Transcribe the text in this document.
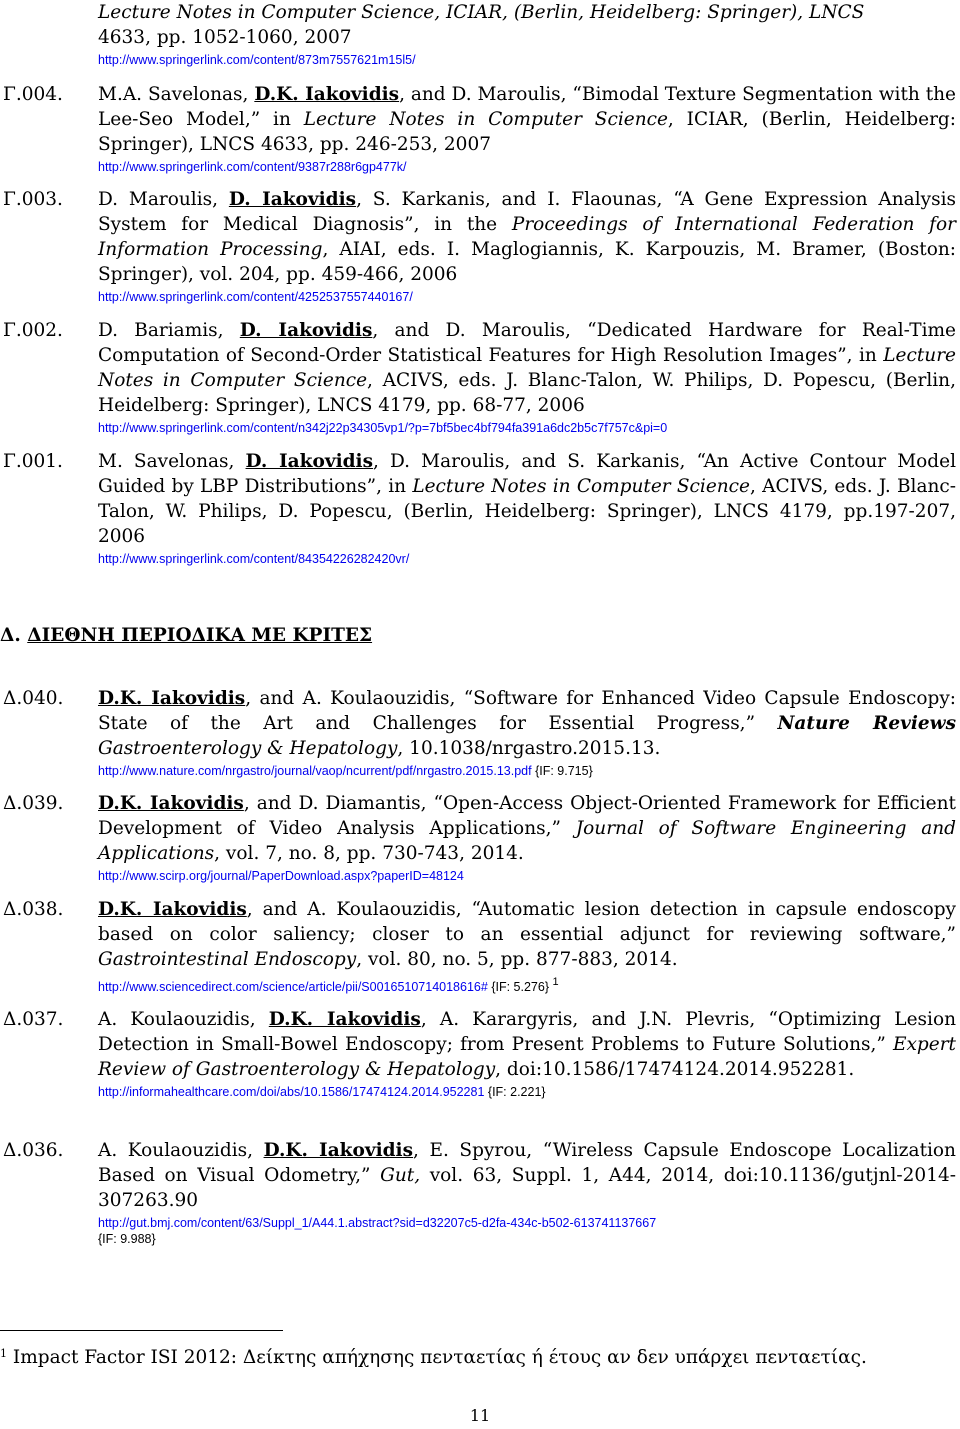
Lecture Notes in Computer Science, ICIAR, (Berlin, Heidelberg: Springer), LNCS
4633, pp. 1052-1060, 2007
http://www.springerlink.com/content/873m7557621m15l5/
Γ.004. M.A. Savelonas, D.K. Iakovidis, and D. Maroulis, “Bimodal Texture Segmentation with the Lee-Seo Model,” in Lecture Notes in Computer Science, ICIAR, (Berlin, Heidelberg: Springer), LNCS 4633, pp. 246-253, 2007
http://www.springerlink.com/content/9387r288r6gp477k/
Γ.003. D. Maroulis, D. Iakovidis, S. Karkanis, and I. Flaounas, “A Gene Expression Analysis System for Medical Diagnosis”, in the Proceedings of International Federation for Information Processing, AIAI, eds. I. Maglogiannis, K. Karpouzis, M. Bramer, (Boston: Springer), vol. 204, pp. 459-466, 2006
http://www.springerlink.com/content/4252537557440167/
Γ.002. D. Bariamis, D. Iakovidis, and D. Maroulis, “Dedicated Hardware for Real-Time Computation of Second-Order Statistical Features for High Resolution Images”, in Lecture Notes in Computer Science, ACIVS, eds. J. Blanc-Talon, W. Philips, D. Popescu, (Berlin, Heidelberg: Springer), LNCS 4179, pp. 68-77, 2006
http://www.springerlink.com/content/n342j22p34305vp1/?p=7bf5bec4bf794fa391a6dc2b5c7f757c&pi=0
Γ.001. M. Savelonas, D. Iakovidis, D. Maroulis, and S. Karkanis, “An Active Contour Model Guided by LBP Distributions”, in Lecture Notes in Computer Science, ACIVS, eds. J. Blanc-Talon, W. Philips, D. Popescu, (Berlin, Heidelberg: Springer), LNCS 4179, pp.197-207, 2006
http://www.springerlink.com/content/84354226282420vr/
Δ. ΔΙΕΘΝΗ ΠΕΡΙΟΔΙΚΑ ΜΕ ΚΡΙΤΕΣ
Δ.040. D.K. Iakovidis, and A. Koulaouzidis, “Software for Enhanced Video Capsule Endoscopy: State of the Art and Challenges for Essential Progress,” Nature Reviews Gastroenterology & Hepatology, 10.1038/nrgastro.2015.13.
http://www.nature.com/nrgastro/journal/vaop/ncurrent/pdf/nrgastro.2015.13.pdf {IF: 9.715}
Δ.039. D.K. Iakovidis, and D. Diamantis, “Open-Access Object-Oriented Framework for Efficient Development of Video Analysis Applications,” Journal of Software Engineering and Applications, vol. 7, no. 8, pp. 730-743, 2014.
http://www.scirp.org/journal/PaperDownload.aspx?paperID=48124
Δ.038. D.K. Iakovidis, and A. Koulaouzidis, “Automatic lesion detection in capsule endoscopy based on color saliency; closer to an essential adjunct for reviewing software,” Gastrointestinal Endoscopy, vol. 80, no. 5, pp. 877-883, 2014.
http://www.sciencedirect.com/science/article/pii/S0016510714018616# {IF: 5.276} $^1$
Δ.037. A. Koulaouzidis, D.K. Iakovidis, A. Karargyris, and J.N. Plevris, “Optimizing Lesion Detection in Small-Bowel Endoscopy; from Present Problems to Future Solutions,” Expert Review of Gastroenterology & Hepatology, doi:10.1586/17474124.2014.952281.
http://informahealthcare.com/doi/abs/10.1586/17474124.2014.952281 {IF: 2.221}
Δ.036. A. Koulaouzidis, D.K. Iakovidis, E. Spyrou, “Wireless Capsule Endoscope Localization Based on Visual Odometry,” Gut, vol. 63, Suppl. 1, A44, 2014, doi:10.1136/gutjnl-2014-307263.90
http://gut.bmj.com/content/63/Suppl_1/A44.1.abstract?sid=d32207c5-d2fa-434c-b502-613741137667
{IF: 9.988}
$^1$ Impact Factor ISI 2012: Δείκτης απήχησης πενταετίας ή έτους αν δεν υπάρχει πενταετίας.
11
